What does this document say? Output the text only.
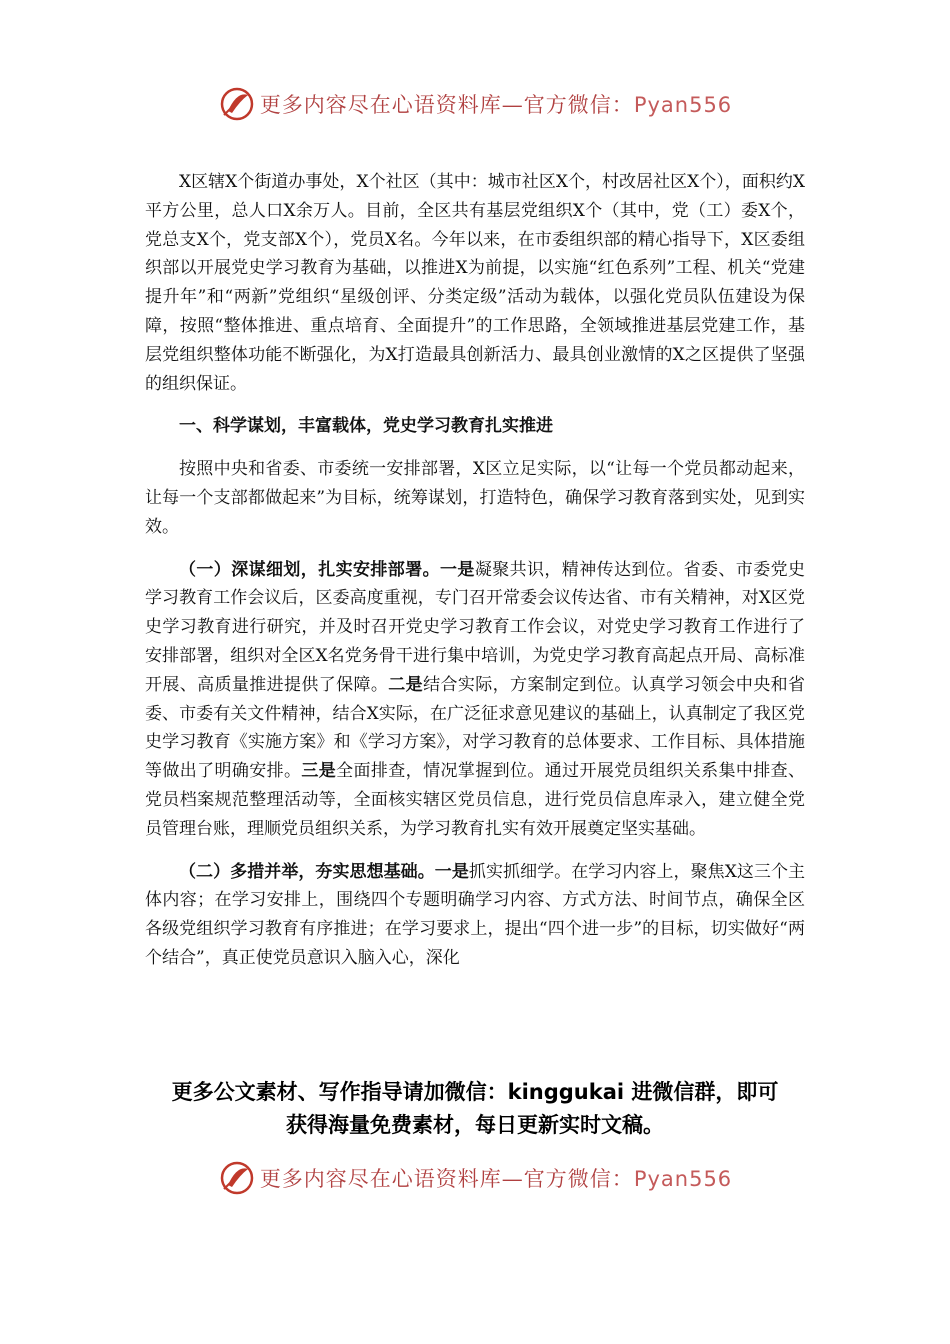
更多内容尽在心语资料库—官方微信：Pyan556

X区辖X个街道办事处，X个社区（其中：城市社区X个，村改居社区X个），面积约X平方公里，总人口X余万人。目前，全区共有基层党组织X个（其中，党（工）委X个，党总支X个，党支部X个），党员X名。今年以来，在市委组织部的精心指导下，X区委组织部以开展党史学习教育为基础，以推进X为前提，以实施“红色系列”工程、机关“党建提升年”和“两新”党组织“星级创评、分类定级”活动为载体，以强化党员队伍建设为保障，按照“整体推进、重点培育、全面提升”的工作思路，全领域推进基层党建工作，基层党组织整体功能不断强化，为X打造最具创新活力、最具创业激情的X之区提供了坚强的组织保证。

一、科学谋划，丰富载体，党史学习教育扎实推进

按照中央和省委、市委统一安排部署，X区立足实际，以“让每一个党员都动起来，让每一个支部都做起来”为目标，统筹谋划，打造特色，确保学习教育落到实处，见到实效。

（一）深谋细划，扎实安排部署。一是凝聚共识，精神传达到位。省委、市委党史学习教育工作会议后，区委高度重视，专门召开常委会议传达省、市有关精神，对X区党史学习教育进行研究，并及时召开党史学习教育工作会议，对党史学习教育工作进行了安排部署，组织对全区X名党务骨干进行集中培训，为党史学习教育高起点开局、高标准开展、高质量推进提供了保障。二是结合实际，方案制定到位。认真学习领会中央和省委、市委有关文件精神，结合X实际，在广泛征求意见建议的基础上，认真制定了我区党史学习教育《实施方案》和《学习方案》，对学习教育的总体要求、工作目标、具体措施等做出了明确安排。三是全面排查，情况掌握到位。通过开展党员组织关系集中排查、党员档案规范整理活动等，全面核实辖区党员信息，进行党员信息库录入，建立健全党员管理台账，理顺党员组织关系，为学习教育扎实有效开展奠定坚实基础。

（二）多措并举，夯实思想基础。一是抓实抓细学。在学习内容上，聚焦X这三个主体内容；在学习安排上，围绕四个专题明确学习内容、方式方法、时间节点，确保全区各级党组织学习教育有序推进；在学习要求上，提出“四个进一步”的目标，切实做好“两个结合”，真正使党员意识入脑入心，深化

更多公文素材、写作指导请加微信：kinggukai 进微信群，即可
获得海量免费素材，每日更新实时文稿。
更多内容尽在心语资料库—官方微信：Pyan556
